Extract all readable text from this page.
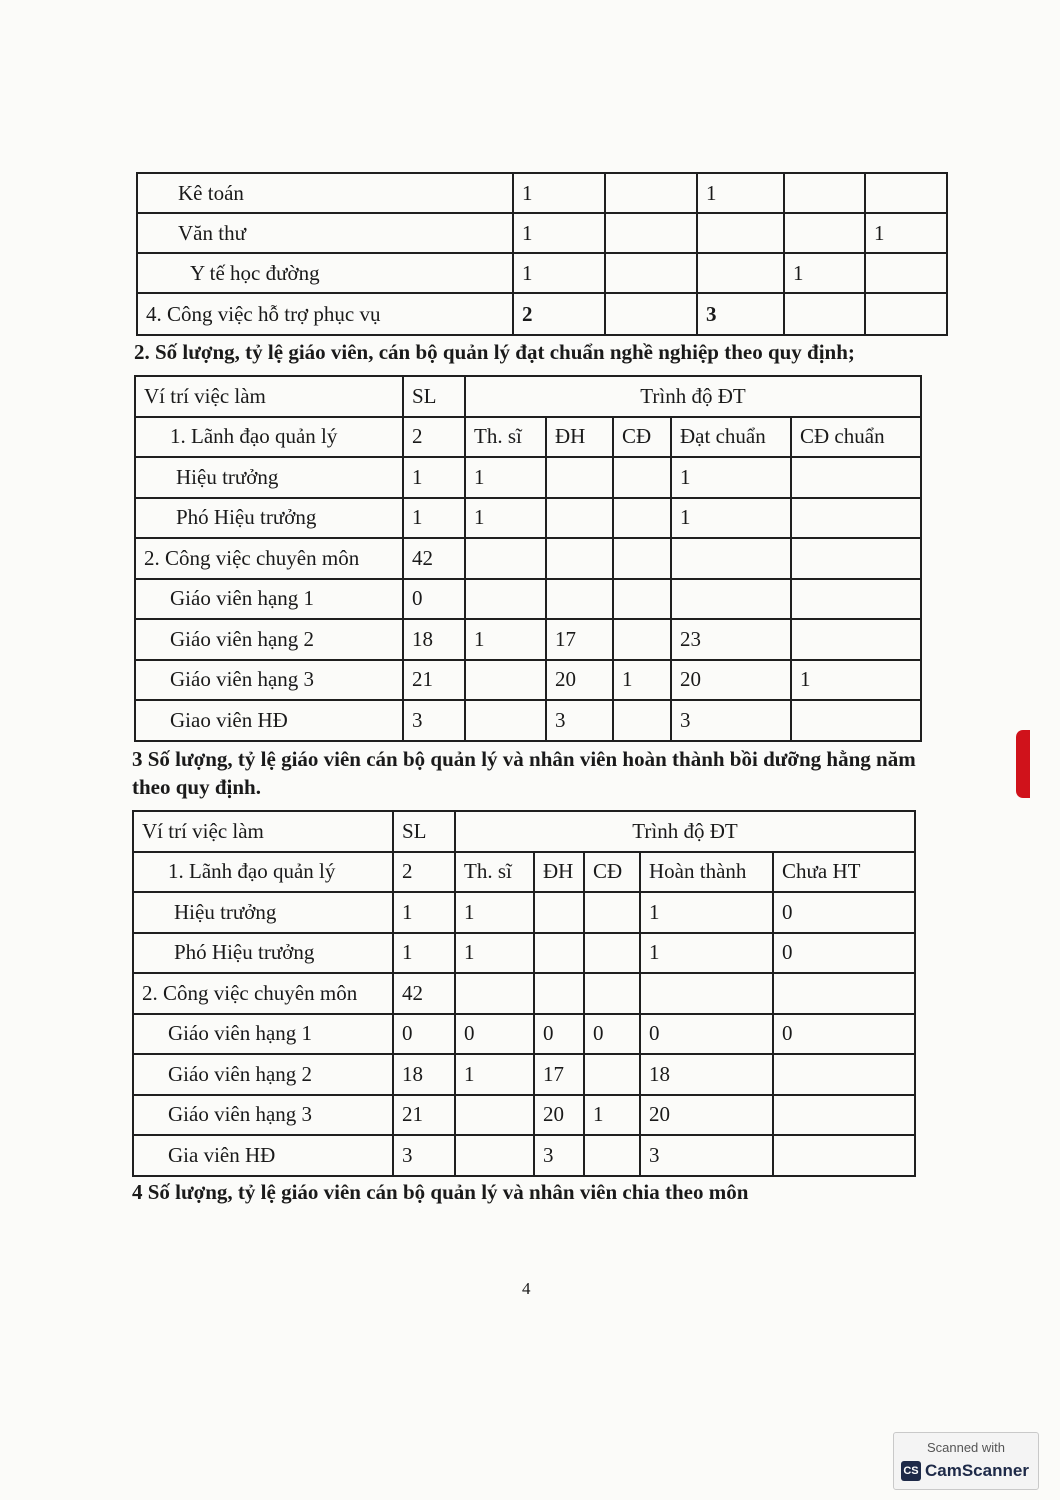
Kê toán	1		1		
Văn thư	1				1
Y tế học đường	1			1	
4. Công việc hỗ trợ phục vụ	2		3		

2. Số lượng, tỷ lệ giáo viên, cán bộ quản lý đạt chuẩn nghề nghiệp theo quy định;

Ví trí việc làm	SL	Trình độ ĐT				
1. Lãnh đạo quản lý	2	Th. sĩ	ĐH	CĐ	Đạt chuẩn	CĐ chuẩn
Hiệu trưởng	1	1			1	
Phó Hiệu trưởng	1	1			1	
2. Công việc chuyên môn	42					
Giáo viên hạng 1	0					
Giáo viên hạng 2	18	1	17		23	
Giáo viên hạng 3	21		20	1	20	1
Giao viên HĐ	3		3		3	

3 Số lượng, tỷ lệ giáo viên cán bộ quản lý và nhân viên hoàn thành bồi dưỡng hằng năm theo quy định.

Ví trí việc làm	SL	Trình độ ĐT				
1. Lãnh đạo quản lý	2	Th. sĩ	ĐH	CĐ	Hoàn thành	Chưa HT
Hiệu trưởng	1	1			1	0
Phó Hiệu trưởng	1	1			1	0
2. Công việc chuyên môn	42					
Giáo viên hạng 1	0	0	0	0	0	0
Giáo viên hạng 2	18	1	17		18	
Giáo viên hạng 3	21		20	1	20	
Gia viên HĐ	3		3		3	

4 Số lượng, tỷ lệ giáo viên cán bộ quản lý và nhân viên chia theo môn

4
Scanned with
CS CamScanner
